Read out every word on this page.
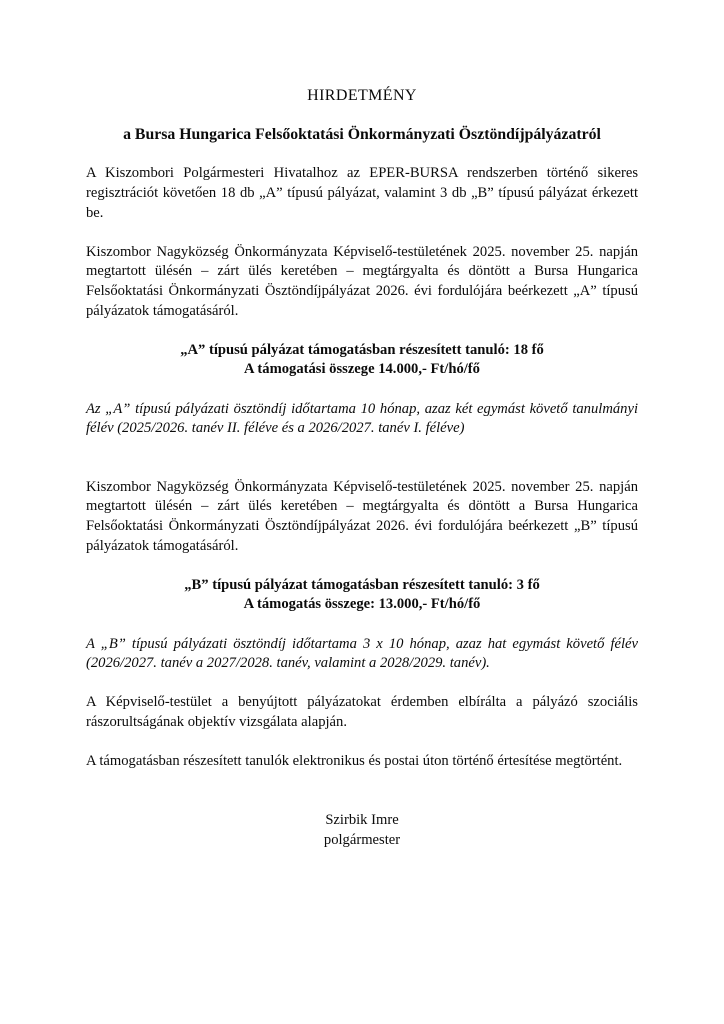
HIRDETMÉNY
a Bursa Hungarica Felsőoktatási Önkormányzati Ösztöndíjpályázatról

A Kiszombori Polgármesteri Hivatalhoz az EPER-BURSA rendszerben történő sikeres regisztrációt követően 18 db „A” típusú pályázat, valamint 3 db „B” típusú pályázat érkezett be.

Kiszombor Nagyközség Önkormányzata Képviselő-testületének 2025. november 25. napján megtartott ülésén – zárt ülés keretében – megtárgyalta és döntött a Bursa Hungarica Felsőoktatási Önkormányzati Ösztöndíjpályázat 2026. évi fordulójára beérkezett „A” típusú pályázatok támogatásáról.

„A” típusú pályázat támogatásban részesített tanuló: 18 fő
A támogatási összege 14.000,- Ft/hó/fő

Az „A” típusú pályázati ösztöndíj időtartama 10 hónap, azaz két egymást követő tanulmányi félév (2025/2026. tanév II. féléve és a 2026/2027. tanév I. féléve)

Kiszombor Nagyközség Önkormányzata Képviselő-testületének 2025. november 25. napján megtartott ülésén – zárt ülés keretében – megtárgyalta és döntött a Bursa Hungarica Felsőoktatási Önkormányzati Ösztöndíjpályázat 2026. évi fordulójára beérkezett „B” típusú pályázatok támogatásáról.

„B” típusú pályázat támogatásban részesített tanuló: 3 fő
A támogatás összege: 13.000,- Ft/hó/fő

A „B” típusú pályázati ösztöndíj időtartama 3 x 10 hónap, azaz hat egymást követő félév (2026/2027. tanév a 2027/2028. tanév, valamint a 2028/2029. tanév).

A Képviselő-testület a benyújtott pályázatokat érdemben elbírálta a pályázó szociális rászorultságának objektív vizsgálata alapján.

A támogatásban részesített tanulók elektronikus és postai úton történő értesítése megtörtént.

Szirbik Imre
polgármester
